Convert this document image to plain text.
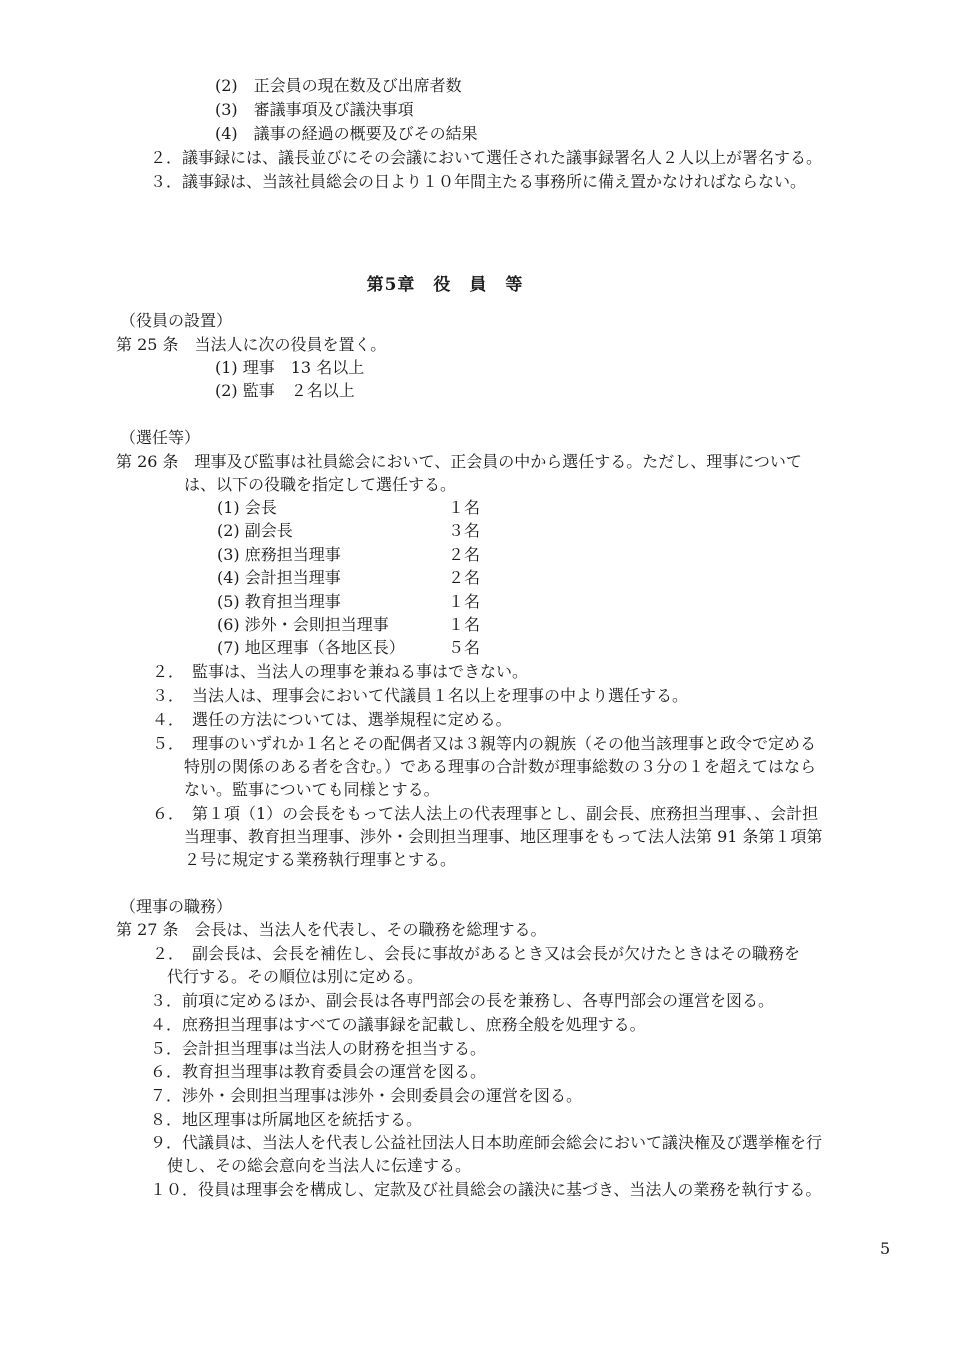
(2)　正会員の現在数及び出席者数
(3)　審議事項及び議決事項
(4)　議事の経過の概要及びその結果
２．議事録には、議長並びにその会議において選任された議事録署名人２人以上が署名する。
３．議事録は、当該社員総会の日より１０年間主たる事務所に備え置かなければならない。
第5章　役　員　等
（役員の設置）
第 25 条　当法人に次の役員を置く。
(1) 理事　13 名以上
(2) 監事　２名以上
（選任等）
第 26 条　理事及び監事は社員総会において、正会員の中から選任する。ただし、理事について
は、以下の役職を指定して選任する。
(1) 会長	１名
(2) 副会長	３名
(3) 庶務担当理事	２名
(4) 会計担当理事	２名
(5) 教育担当理事	１名
(6) 渉外・会則担当理事	１名
(7) 地区理事（各地区長）	５名
２．　監事は、当法人の理事を兼ねる事はできない。
３．　当法人は、理事会において代議員１名以上を理事の中より選任する。
４．　選任の方法については、選挙規程に定める。
５．　理事のいずれか１名とその配偶者又は３親等内の親族（その他当該理事と政令で定める
特別の関係のある者を含む。）である理事の合計数が理事総数の３分の１を超えてはなら
ない。監事についても同様とする。
６．　第１項（1）の会長をもって法人法上の代表理事とし、副会長、庶務担当理事、、会計担
当理事、教育担当理事、渉外・会則担当理事、地区理事をもって法人法第 91 条第１項第
２号に規定する業務執行理事とする。
（理事の職務）
第 27 条　会長は、当法人を代表し、その職務を総理する。
２．　副会長は、会長を補佐し、会長に事故があるとき又は会長が欠けたときはその職務を
代行する。その順位は別に定める。
３．前項に定めるほか、副会長は各専門部会の長を兼務し、各専門部会の運営を図る。
４．庶務担当理事はすべての議事録を記載し、庶務全般を処理する。
５．会計担当理事は当法人の財務を担当する。
６．教育担当理事は教育委員会の運営を図る。
７．渉外・会則担当理事は渉外・会則委員会の運営を図る。
８．地区理事は所属地区を統括する。
９．代議員は、当法人を代表し公益社団法人日本助産師会総会において議決権及び選挙権を行
使し、その総会意向を当法人に伝達する。
１０．役員は理事会を構成し、定款及び社員総会の議決に基づき、当法人の業務を執行する。
5
